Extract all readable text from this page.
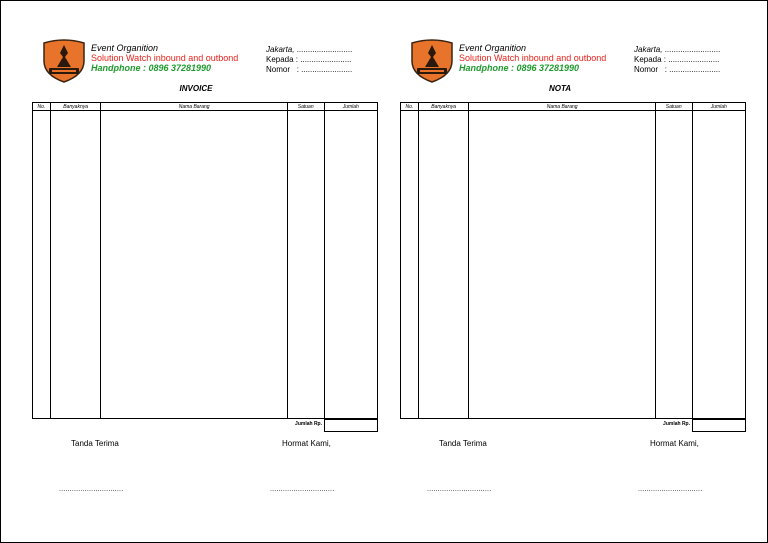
Event Organition
Solution Watch inbound and outbond
Handphone : 0896 37281990
Jakarta, .........................
Kepada : .......................
Nomor : .......................
INVOICE
No.	Banyaknya	Nama Barang	Satuan	Jumlah

Jumlah Rp.
Tanda Terima	Hormat Kami,
..............................	..............................
Event Organition
Solution Watch inbound and outbond
Handphone : 0896 37281990
Jakarta, .........................
Kepada : .......................
Nomor : .......................
NOTA
No.	Banyaknya	Nama Barang	Satuan	Jumlah

Jumlah Rp.
Tanda Terima	Hormat Kami,
..............................	..............................
